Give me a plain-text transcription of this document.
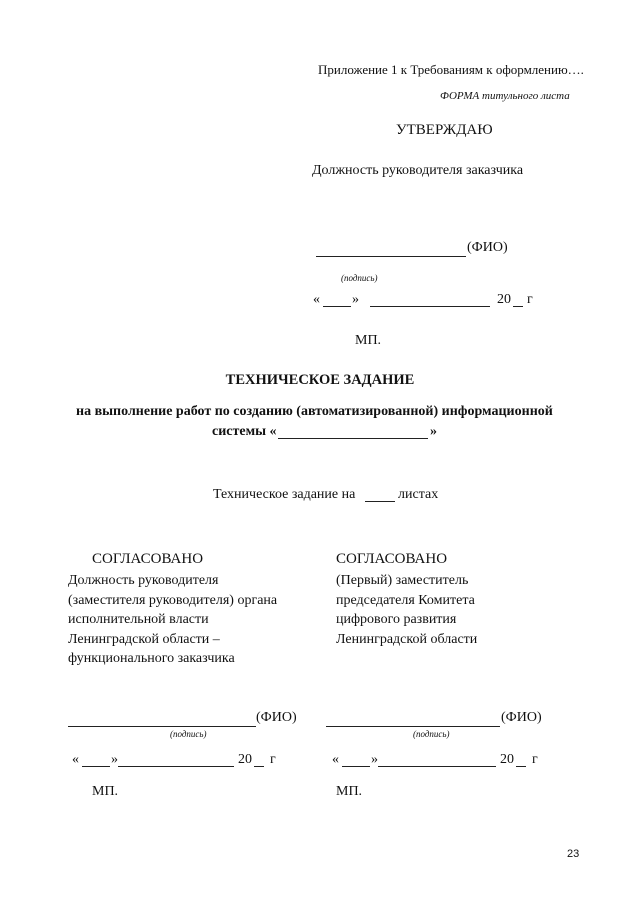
Приложение 1 к Требованиям к оформлению….
ФОРМА титульного листа
УТВЕРЖДАЮ
Должность руководителя заказчика
(ФИО)
(подпись)
« »	20 г
МП.
ТЕХНИЧЕСКОЕ ЗАДАНИЕ
на выполнение работ по созданию (автоматизированной) информационной
системы «	»
Техническое задание на	листах
СОГЛАСОВАНО
Должность руководителя
(заместителя руководителя) органа
исполнительной власти
Ленинградской области –
функционального заказчика
(ФИО)
(подпись)
« »	20 г
МП.
СОГЛАСОВАНО
(Первый) заместитель
председателя Комитета
цифрового развития
Ленинградской области
(ФИО)
(подпись)
« »	20 г
МП.
23
